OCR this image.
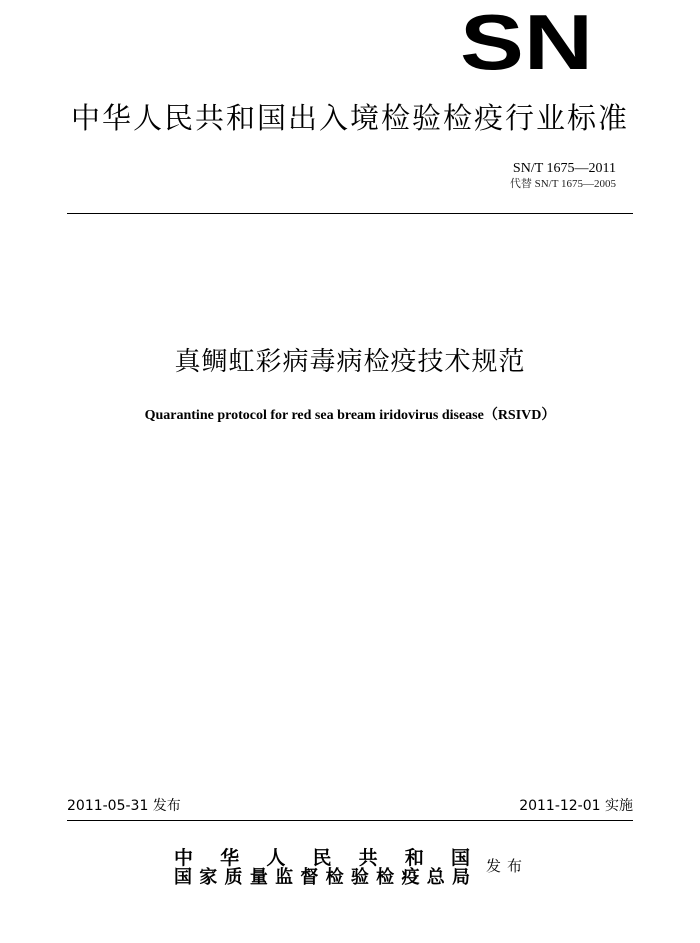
SN
中华人民共和国出入境检验检疫行业标准
SN/T 1675—2011
代替 SN/T 1675—2005
真鲷虹彩病毒病检疫技术规范
Quarantine protocol for red sea bream iridovirus disease（RSIVD）
2011-05-31 发布	2011-12-01 实施
中华人民共和国
国家质量监督检验检疫总局
发布
